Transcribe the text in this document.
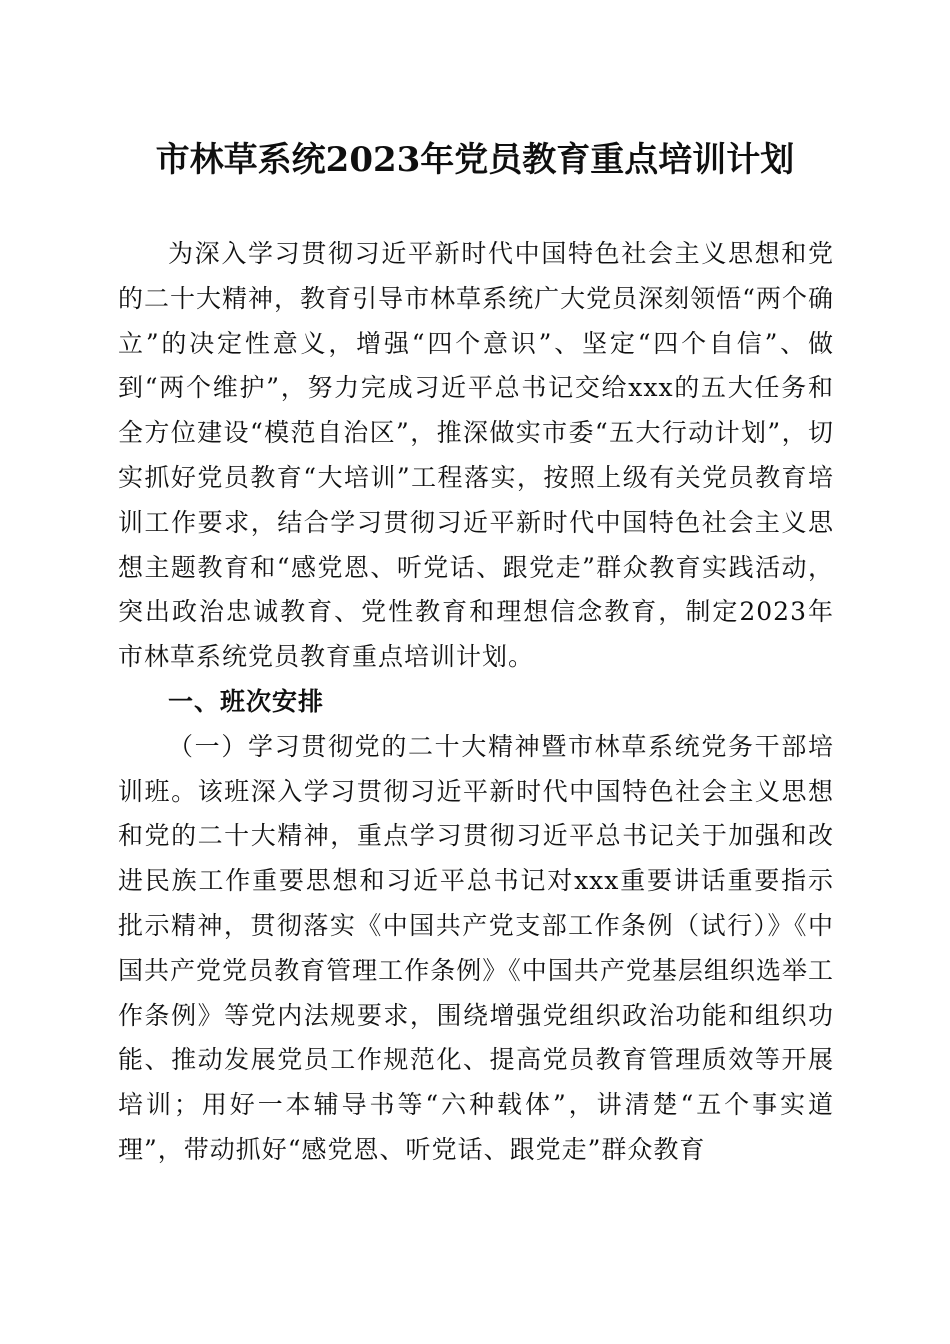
市林草系统2023年党员教育重点培训计划

为深入学习贯彻习近平新时代中国特色社会主义思想和党的二十大精神，教育引导市林草系统广大党员深刻领悟“两个确立”的决定性意义，增强“四个意识”、坚定“四个自信”、做到“两个维护”，努力完成习近平总书记交给xxx的五大任务和全方位建设“模范自治区”，推深做实市委“五大行动计划”，切实抓好党员教育“大培训”工程落实，按照上级有关党员教育培训工作要求，结合学习贯彻习近平新时代中国特色社会主义思想主题教育和“感党恩、听党话、跟党走”群众教育实践活动，突出政治忠诚教育、党性教育和理想信念教育，制定2023年市林草系统党员教育重点培训计划。

一、班次安排

（一）学习贯彻党的二十大精神暨市林草系统党务干部培训班。该班深入学习贯彻习近平新时代中国特色社会主义思想和党的二十大精神，重点学习贯彻习近平总书记关于加强和改进民族工作重要思想和习近平总书记对xxx重要讲话重要指示批示精神，贯彻落实《中国共产党支部工作条例（试行）》《中国共产党党员教育管理工作条例》《中国共产党基层组织选举工作条例》等党内法规要求，围绕增强党组织政治功能和组织功能、推动发展党员工作规范化、提高党员教育管理质效等开展培训；用好一本辅导书等“六种载体”，讲清楚“五个事实道理”，带动抓好“感党恩、听党话、跟党走”群众教育
